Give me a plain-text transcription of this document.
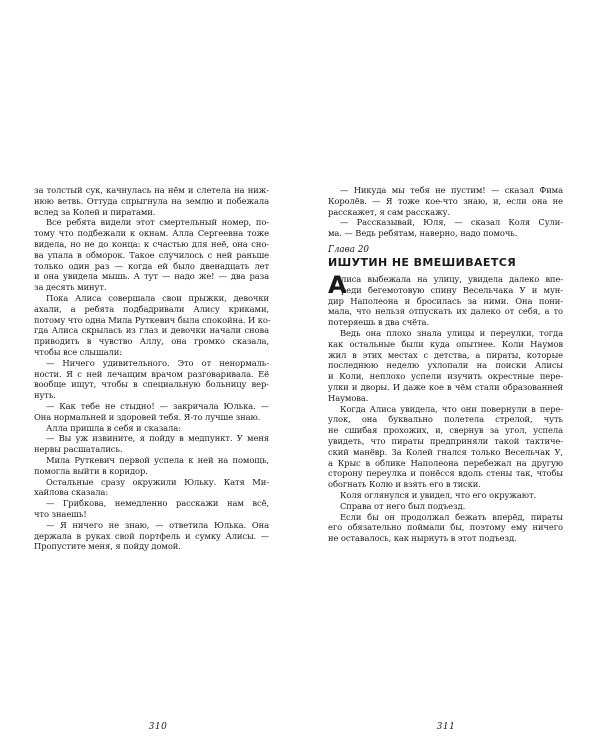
за толстый сук, качнулась на нём и слетела на ниж-
нюю ветвь. Оттуда спрыгнула на землю и побежала
вслед за Колей и пиратами.
Все ребята видели этот смертельный номер, по-
тому что подбежали к окнам. Алла Сергеевна тоже
видела, но не до конца: к счастью для неё, она сно-
ва упала в обморок. Такое случилось с ней раньше
только один раз — когда ей было двенадцать лет
и она увидела мышь. А тут — надо же! — два раза
за десять минут.
Пока Алиса совершала свои прыжки, девочки
ахали, а ребята подбадривали Алису криками,
потому что одна Мила Руткевич была спокойна. И ко-
гда Алиса скрылась из глаз и девочки начали снова
приводить в чувство Аллу, она громко сказала,
чтобы все слышали:
— Ничего удивительного. Это от ненормаль-
ности. Я с ней лечащим врачом разговаривала. Её
вообще ищут, чтобы в специальную больницу вер-
нуть.
— Как тебе не стыдно! — закричала Юлька. —
Она нормальней и здоровей тебя. Я-то лучше знаю.
Алла пришла в себя и сказала:
— Вы уж извините, я пойду в медпункт. У меня
нервы расшатались.
Мила Руткевич первой успела к ней на помощь,
помогла выйти в коридор.
Остальные сразу окружили Юльку. Катя Ми-
хайлова сказала:
— Грибкова, немедленно расскажи нам всё,
что знаешь!
— Я ничего не знаю, — ответила Юлька. Она
держала в руках свой портфель и сумку Алисы. —
Пропустите меня, я пойду домой.
310
— Никуда мы тебя не пустим! — сказал Фима
Королёв. — Я тоже кое-что знаю, и, если она не
расскажет, я сам расскажу.
— Рассказывай, Юля, — сказал Коля Сули-
ма. — Ведь ребятам, наверно, надо помочь.
Глава 20
ИШУТИН НЕ ВМЕШИВАЕТСЯ
А
лиса выбежала на улицу, увидела далеко впе-
реди бегемотовую спину Весельчака У и мун-
дир Наполеона и бросилась за ними. Она пони-
мала, что нельзя отпускать их далеко от себя, а то
потеряешь в два счёта.
Ведь она плохо знала улицы и переулки, тогда
как остальные были куда опытнее. Коли Наумов
жил в этих местах с детства, а пираты, которые
последнюю неделю ухлопали на поиски Алисы
и Коли, неплохо успели изучить окрестные пере-
улки и дворы. И даже кое в чём стали образованней
Наумова.
Когда Алиса увидела, что они повернули в пере-
улок, она буквально полетела стрелой, чуть
не сшибая прохожих, и, свернув за угол, успела
увидеть, что пираты предприняли такой тактиче-
ский манёвр. За Колей гнался только Весельчак У,
а Крыс в облике Наполеона перебежал на другую
сторону переулка и понёсся вдоль стены так, чтобы
обогнать Колю и взять его в тиски.
Коля оглянулся и увидел, что его окружают.
Справа от него был подъезд.
Если бы он продолжал бежать вперёд, пираты
его обязательно поймали бы, поэтому ему ничего
не оставалось, как нырнуть в этот подъезд.
311
